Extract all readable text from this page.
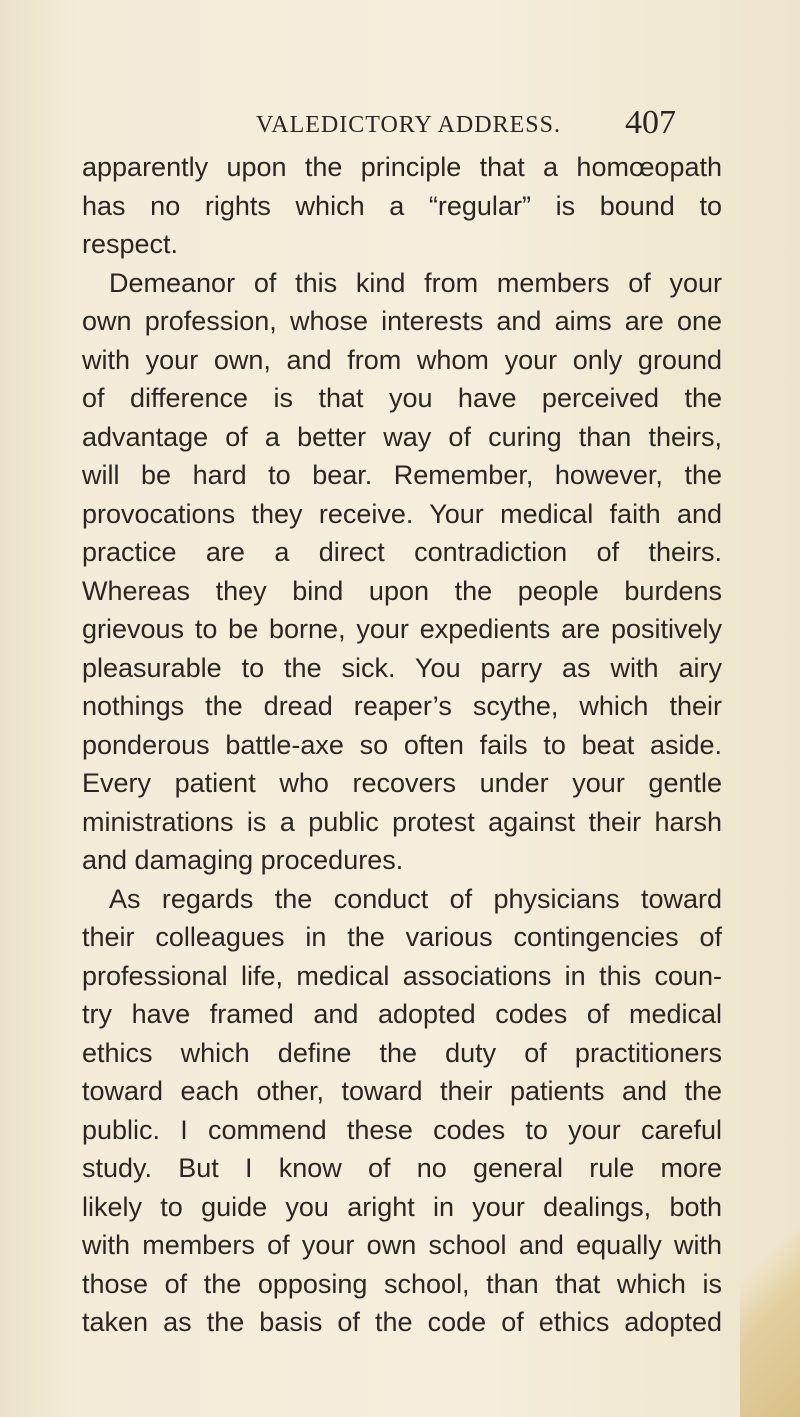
VALEDICTORY ADDRESS. 407
apparently upon the principle that a homœopath
has no rights which a “regular” is bound to
respect.
Demeanor of this kind from members of your
own profession, whose interests and aims are one
with your own, and from whom your only ground
of difference is that you have perceived the
advantage of a better way of curing than theirs,
will be hard to bear. Remember, however, the
provocations they receive. Your medical faith and
practice are a direct contradiction of theirs.
Whereas they bind upon the people burdens
grievous to be borne, your expedients are positively
pleasurable to the sick. You parry as with airy
nothings the dread reaper’s scythe, which their
ponderous battle-axe so often fails to beat aside.
Every patient who recovers under your gentle
ministrations is a public protest against their harsh
and damaging procedures.
As regards the conduct of physicians toward
their colleagues in the various contingencies of
professional life, medical associations in this coun-
try have framed and adopted codes of medical
ethics which define the duty of practitioners
toward each other, toward their patients and the
public. I commend these codes to your careful
study. But I know of no general rule more
likely to guide you aright in your dealings, both
with members of your own school and equally with
those of the opposing school, than that which is
taken as the basis of the code of ethics adopted
